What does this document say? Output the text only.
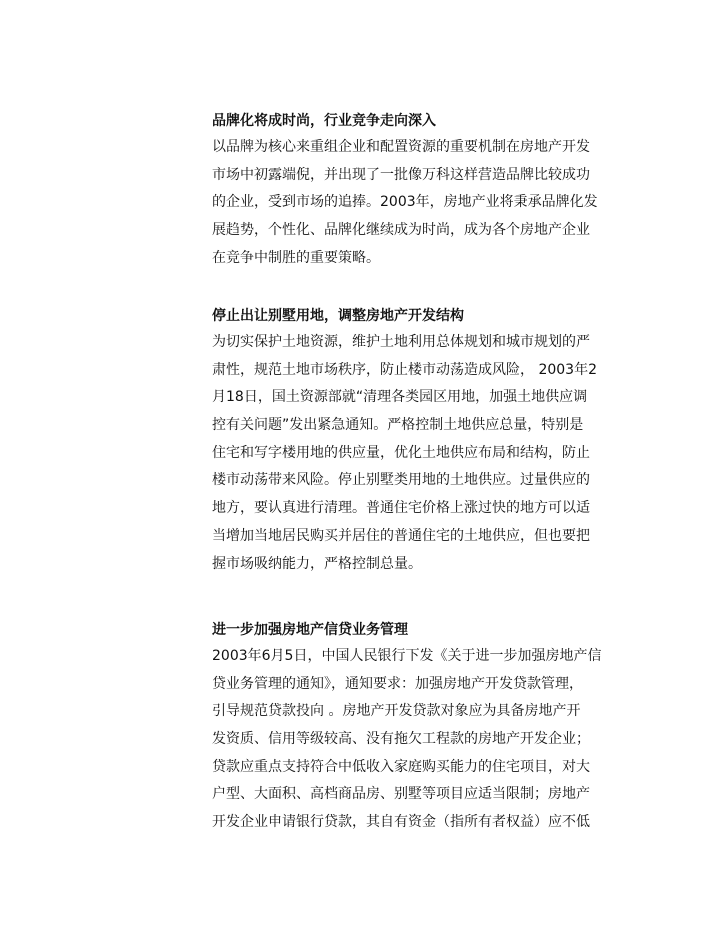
品牌化将成时尚，行业竞争走向深入
以品牌为核心来重组企业和配置资源的重要机制在房地产开发
市场中初露端倪，并出现了一批像万科这样营造品牌比较成功
的企业，受到市场的追捧。2003年，房地产业将秉承品牌化发
展趋势，个性化、品牌化继续成为时尚，成为各个房地产企业
在竞争中制胜的重要策略。
停止出让别墅用地，调整房地产开发结构
为切实保护土地资源，维护土地利用总体规划和城市规划的严
肃性，规范土地市场秩序，防止楼市动荡造成风险， 2003年2
月18日，国土资源部就“清理各类园区用地，加强土地供应调
控有关问题”发出紧急通知。严格控制土地供应总量，特别是
住宅和写字楼用地的供应量，优化土地供应布局和结构，防止
楼市动荡带来风险。停止别墅类用地的土地供应。过量供应的
地方，要认真进行清理。普通住宅价格上涨过快的地方可以适
当增加当地居民购买并居住的普通住宅的土地供应，但也要把
握市场吸纳能力，严格控制总量。
进一步加强房地产信贷业务管理
2003年6月5日，中国人民银行下发《关于进一步加强房地产信
贷业务管理的通知》，通知要求：加强房地产开发贷款管理，
引导规范贷款投向 。房地产开发贷款对象应为具备房地产开
发资质、信用等级较高、没有拖欠工程款的房地产开发企业；
贷款应重点支持符合中低收入家庭购买能力的住宅项目，对大
户型、大面积、高档商品房、别墅等项目应适当限制；房地产
开发企业申请银行贷款，其自有资金（指所有者权益）应不低
